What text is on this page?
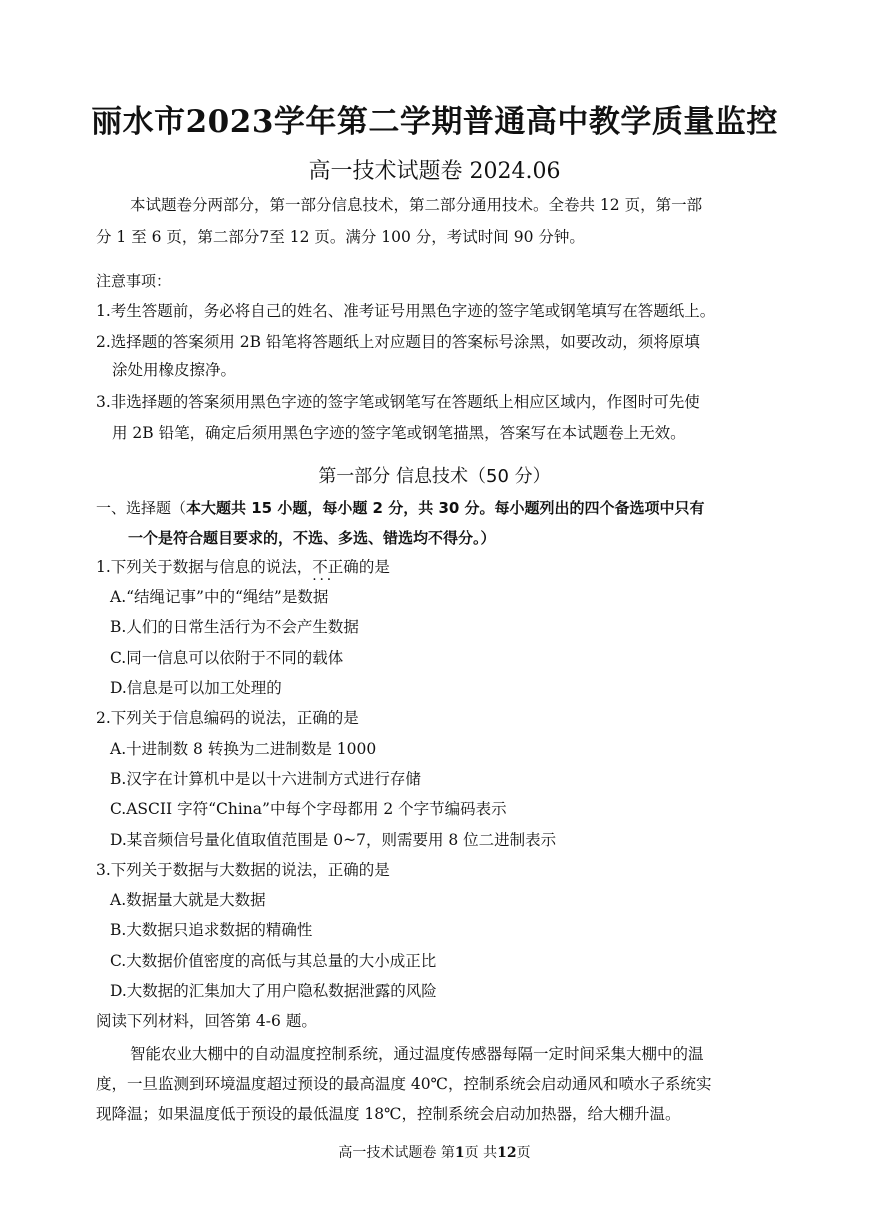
丽水市2023学年第二学期普通高中教学质量监控
高一技术试题卷 2024.06
本试题卷分两部分，第一部分信息技术，第二部分通用技术。全卷共 12 页，第一部
分 1 至 6 页，第二部分7至 12 页。满分 100 分，考试时间 90 分钟。
注意事项：
1.考生答题前，务必将自己的姓名、准考证号用黑色字迹的签字笔或钢笔填写在答题纸上。
2.选择题的答案须用 2B 铅笔将答题纸上对应题目的答案标号涂黑，如要改动，须将原填
涂处用橡皮擦净。
3.非选择题的答案须用黑色字迹的签字笔或钢笔写在答题纸上相应区域内，作图时可先使
用 2B 铅笔，确定后须用黑色字迹的签字笔或钢笔描黑，答案写在本试题卷上无效。
第一部分 信息技术（50 分）
一、选择题（本大题共 15 小题，每小题 2 分，共 30 分。每小题列出的四个备选项中只有
一个是符合题目要求的，不选、多选、错选均不得分。）
1.下列关于数据与信息的说法，不正确 · · ·的是
A.“结绳记事”中的“绳结”是数据
B.人们的日常生活行为不会产生数据
C.同一信息可以依附于不同的载体
D.信息是可以加工处理的
2.下列关于信息编码的说法，正确的是
A.十进制数 8 转换为二进制数是 1000
B.汉字在计算机中是以十六进制方式进行存储
C.ASCII 字符“China”中每个字母都用 2 个字节编码表示
D.某音频信号量化值取值范围是 0~7，则需要用 8 位二进制表示
3.下列关于数据与大数据的说法，正确的是
A.数据量大就是大数据
B.大数据只追求数据的精确性
C.大数据价值密度的高低与其总量的大小成正比
D.大数据的汇集加大了用户隐私数据泄露的风险
阅读下列材料，回答第 4-6 题。
智能农业大棚中的自动温度控制系统，通过温度传感器每隔一定时间采集大棚中的温
度，一旦监测到环境温度超过预设的最高温度 40℃，控制系统会启动通风和喷水子系统实
现降温；如果温度低于预设的最低温度 18℃，控制系统会启动加热器，给大棚升温。
高一技术试题卷 第1页 共12页
